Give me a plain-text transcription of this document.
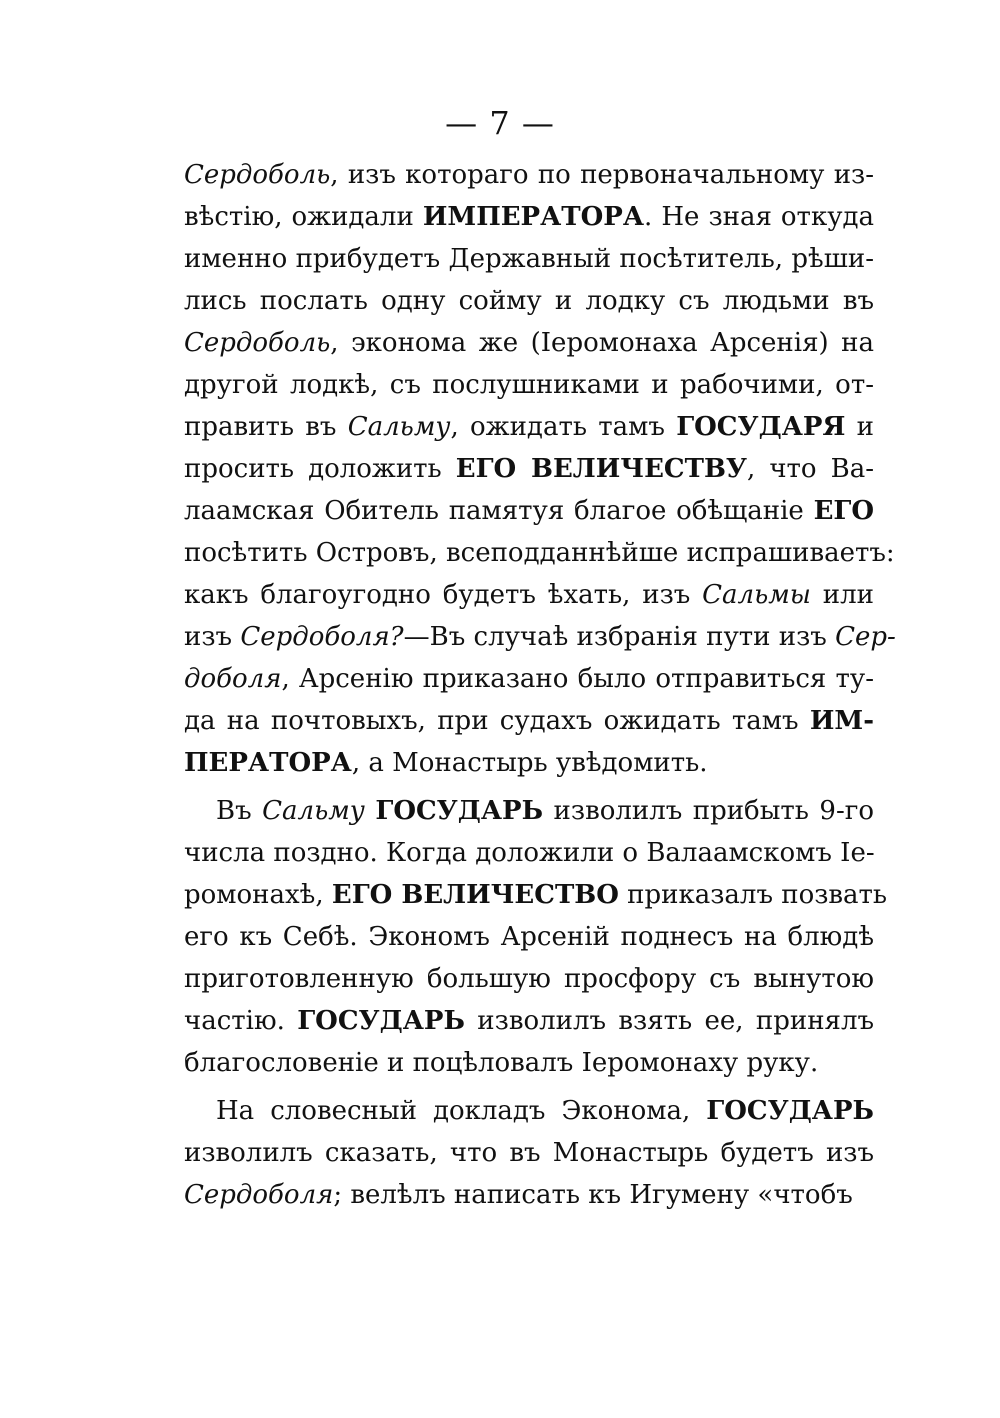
— 7 —
Сердоболь, изъ котораго по первоначальному из-
вѣстію, ожидали ИМПЕРАТОРА. Не зная откуда
именно прибудетъ Державный посѣтитель, рѣши-
лись послать одну сойму и лодку съ людьми въ
Сердоболь, эконома же (Іеромонаха Арсенія) на
другой лодкѣ, съ послушниками и рабочими, от-
править въ Сальму, ожидать тамъ ГОСУДАРЯ и
просить доложить ЕГО ВЕЛИЧЕСТВУ, что Ва-
лаамская Обитель памятуя благое обѣщаніе ЕГО
посѣтить Островъ, всеподданнѣйше испрашиваетъ:
какъ благоугодно будетъ ѣхать, изъ Сальмы или
изъ Сердоболя?—Въ случаѣ избранія пути изъ Сер-
доболя, Арсенію приказано было отправиться ту-
да на почтовыхъ, при судахъ ожидать тамъ ИМ-
ПЕРАТОРА, а Монастырь увѣдомить.
Въ Сальму ГОСУДАРЬ изволилъ прибыть 9-го
числа поздно. Когда доложили о Валаамскомъ Іе-
ромонахѣ, ЕГО ВЕЛИЧЕСТВО приказалъ позвать
его къ Себѣ. Экономъ Арсеній поднесъ на блюдѣ
приготовленную большую просфору съ вынутою
частію. ГОСУДАРЬ изволилъ взять ее, принялъ
благословеніе и поцѣловалъ Іеромонаху руку.
На словесный докладъ Эконома, ГОСУДАРЬ
изволилъ сказать, что въ Монастырь будетъ изъ
Сердоболя; велѣлъ написать къ Игумену «чтобъ
